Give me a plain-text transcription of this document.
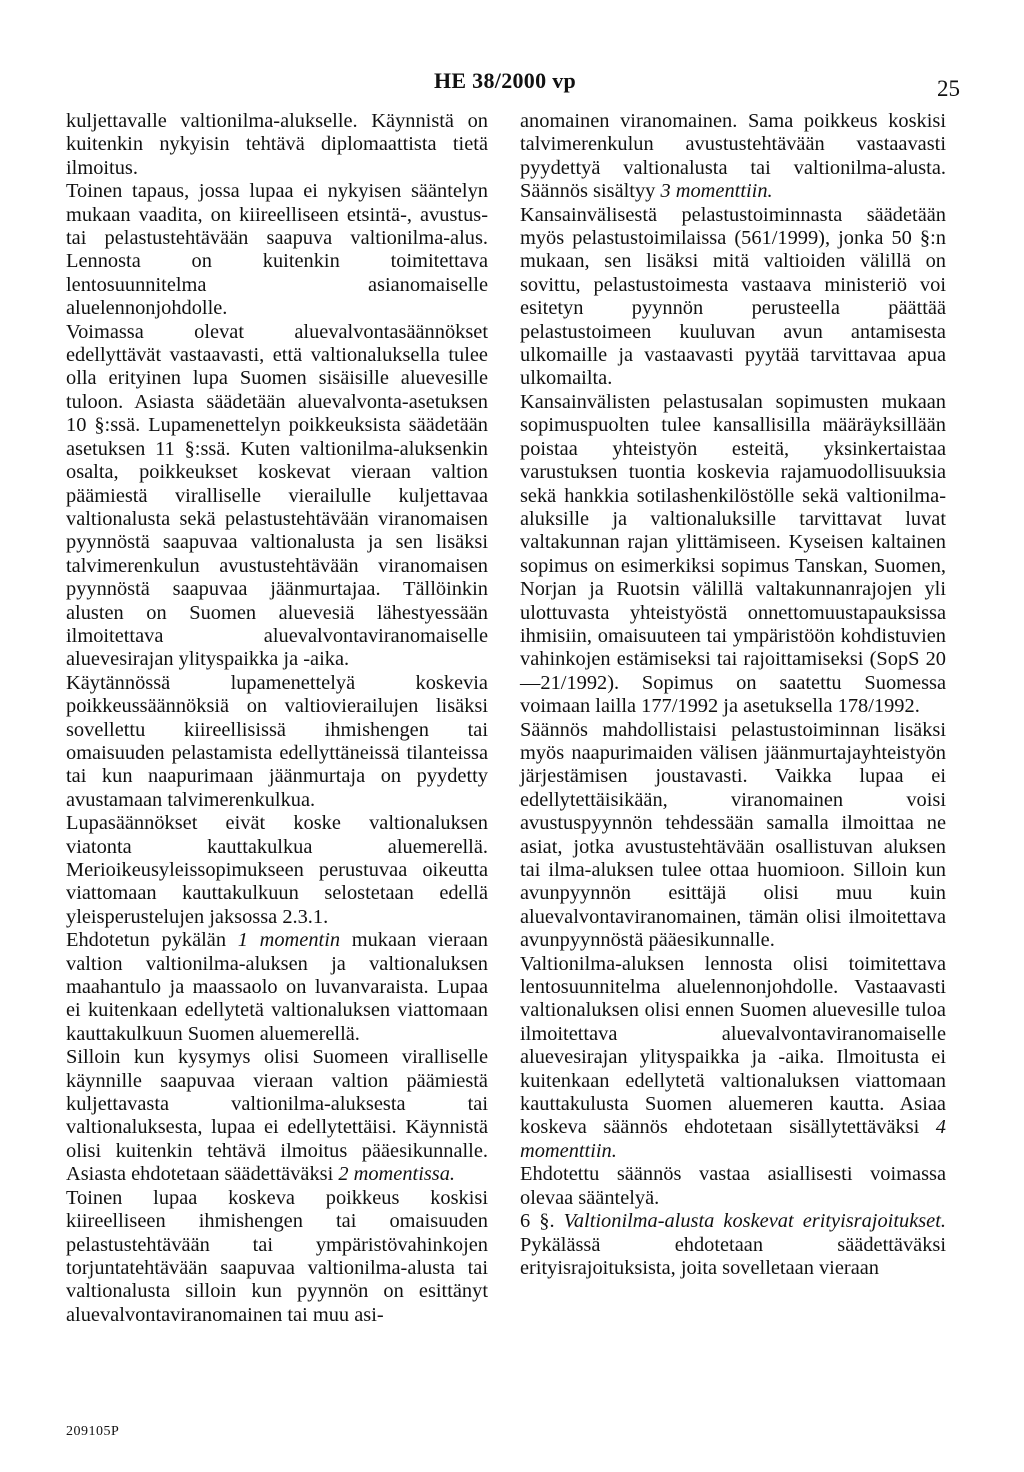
HE 38/2000 vp	25

kuljettavalle valtionilma-alukselle. Käynnistä on kuitenkin nykyisin tehtävä diplomaattista tietä ilmoitus.

Toinen tapaus, jossa lupaa ei nykyisen sääntelyn mukaan vaadita, on kiireelliseen etsintä-, avustus- tai pelastustehtävään saapuva valtionilma-alus. Lennosta on kuitenkin toimitettava lentosuunnitelma asianomaiselle aluelennonjohdolle.

Voimassa olevat aluevalvontasäännökset edellyttävät vastaavasti, että valtionaluksella tulee olla erityinen lupa Suomen sisäisille aluevesille tuloon. Asiasta säädetään aluevalvonta-asetuksen 10 §:ssä. Lupamenettelyn poikkeuksista säädetään asetuksen 11 §:ssä. Kuten valtionilma-aluksenkin osalta, poikkeukset koskevat vieraan valtion päämiestä viralliselle vierailulle kuljettavaa valtionalusta sekä pelastustehtävään viranomaisen pyynnöstä saapuvaa valtionalusta ja sen lisäksi talvimerenkulun avustustehtävään viranomaisen pyynnöstä saapuvaa jäänmurtajaa. Tällöinkin alusten on Suomen aluevesiä lähestyessään ilmoitettava aluevalvontaviranomaiselle aluevesirajan ylityspaikka ja -aika.

Käytännössä lupamenettelyä koskevia poikkeussäännöksiä on valtiovierailujen lisäksi sovellettu kiireellisissä ihmishengen tai omaisuuden pelastamista edellyttäneissä tilanteissa tai kun naapurimaan jäänmurtaja on pyydetty avustamaan talvimerenkulkua.

Lupasäännökset eivät koske valtionaluksen viatonta kauttakulkua aluemerellä. Merioikeusyleissopimukseen perustuvaa oikeutta viattomaan kauttakulkuun selostetaan edellä yleisperustelujen jaksossa 2.3.1.

Ehdotetun pykälän 1 momentin mukaan vieraan valtion valtionilma-aluksen ja valtionaluksen maahantulo ja maassaolo on luvanvaraista. Lupaa ei kuitenkaan edellytetä valtionaluksen viattomaan kauttakulkuun Suomen aluemerellä.

Silloin kun kysymys olisi Suomeen viralliselle käynnille saapuvaa vieraan valtion päämiestä kuljettavasta valtionilma-aluksesta tai valtionaluksesta, lupaa ei edellytettäisi. Käynnistä olisi kuitenkin tehtävä ilmoitus pääesikunnalle. Asiasta ehdotetaan säädettäväksi 2 momentissa.

Toinen lupaa koskeva poikkeus koskisi kiireelliseen ihmishengen tai omaisuuden pelastustehtävään tai ympäristövahinkojen torjuntatehtävään saapuvaa valtionilma-alusta tai valtionalusta silloin kun pyynnön on esittänyt aluevalvontaviranomainen tai muu asi-

anomainen viranomainen. Sama poikkeus koskisi talvimerenkulun avustustehtävään vastaavasti pyydettyä valtionalusta tai valtionilma-alusta. Säännös sisältyy 3 momenttiin.

Kansainvälisestä pelastustoiminnasta säädetään myös pelastustoimilaissa (561/1999), jonka 50 §:n mukaan, sen lisäksi mitä valtioiden välillä on sovittu, pelastustoimesta vastaava ministeriö voi esitetyn pyynnön perusteella päättää pelastustoimeen kuuluvan avun antamisesta ulkomaille ja vastaavasti pyytää tarvittavaa apua ulkomailta.

Kansainvälisten pelastusalan sopimusten mukaan sopimuspuolten tulee kansallisilla määräyksillään poistaa yhteistyön esteitä, yksinkertaistaa varustuksen tuontia koskevia rajamuodollisuuksia sekä hankkia sotilashenkilöstölle sekä valtionilma-aluksille ja valtionaluksille tarvittavat luvat valtakunnan rajan ylittämiseen. Kyseisen kaltainen sopimus on esimerkiksi sopimus Tanskan, Suomen, Norjan ja Ruotsin välillä valtakunnanrajojen yli ulottuvasta yhteistyöstä onnettomuustapauksissa ihmisiin, omaisuuteen tai ympäristöön kohdistuvien vahinkojen estämiseksi tai rajoittamiseksi (SopS 20—21/1992). Sopimus on saatettu Suomessa voimaan lailla 177/1992 ja asetuksella 178/1992.

Säännös mahdollistaisi pelastustoiminnan lisäksi myös naapurimaiden välisen jäänmurtajayhteistyön järjestämisen joustavasti. Vaikka lupaa ei edellytettäisikään, viranomainen voisi avustuspyynnön tehdessään samalla ilmoittaa ne asiat, jotka avustustehtävään osallistuvan aluksen tai ilma-aluksen tulee ottaa huomioon. Silloin kun avunpyynnön esittäjä olisi muu kuin aluevalvontaviranomainen, tämän olisi ilmoitettava avunpyynnöstä pääesikunnalle.

Valtionilma-aluksen lennosta olisi toimitettava lentosuunnitelma aluelennonjohdolle. Vastaavasti valtionaluksen olisi ennen Suomen aluevesille tuloa ilmoitettava aluevalvontaviranomaiselle aluevesirajan ylityspaikka ja -aika. Ilmoitusta ei kuitenkaan edellytetä valtionaluksen viattomaan kauttakulusta Suomen aluemeren kautta. Asiaa koskeva säännös ehdotetaan sisällytettäväksi 4 momenttiin.

Ehdotettu säännös vastaa asiallisesti voimassa olevaa sääntelyä.

6 §. Valtionilma-alusta koskevat erityisrajoitukset. Pykälässä ehdotetaan säädettäväksi erityisrajoituksista, joita sovelletaan vieraan

209105P
